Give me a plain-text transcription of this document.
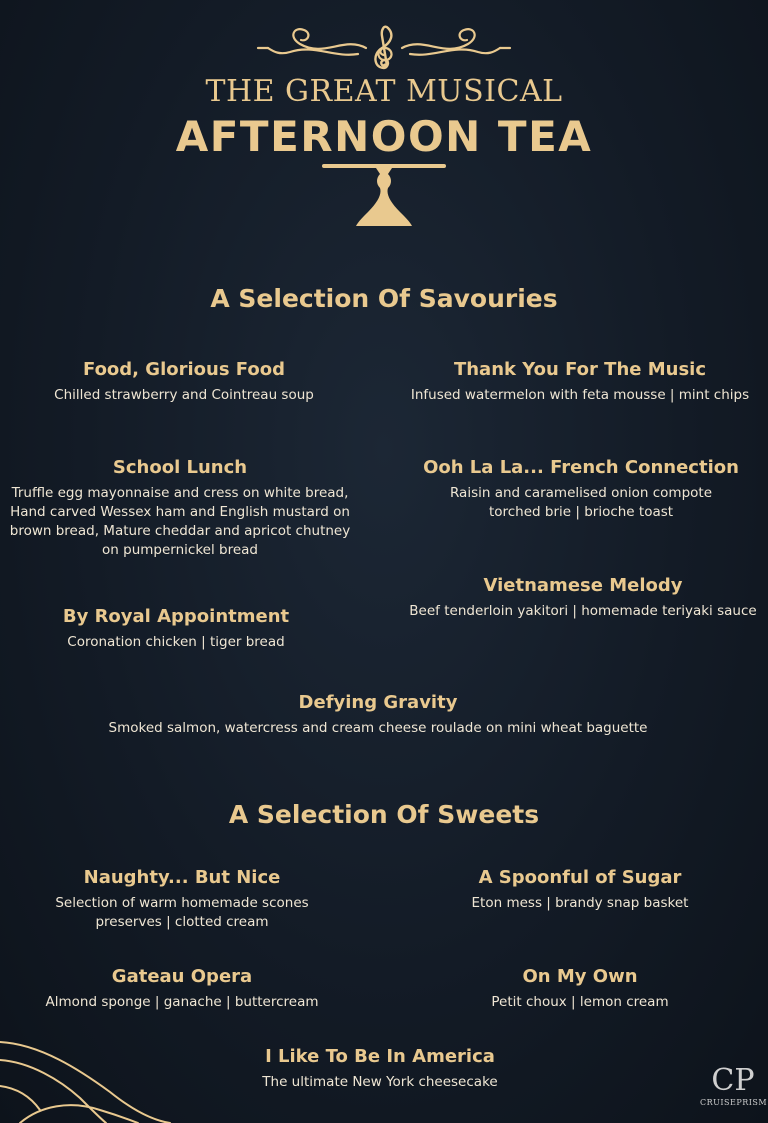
THE GREAT MUSICAL
AFTERNOON TEA
A Selection Of Savouries
Food, Glorious Food
Chilled strawberry and Cointreau soup
Thank You For The Music
Infused watermelon with feta mousse | mint chips
School Lunch
Truffle egg mayonnaise and cress on white bread,
Hand carved Wessex ham and English mustard on
brown bread, Mature cheddar and apricot chutney
on pumpernickel bread
Ooh La La... French Connection
Raisin and caramelised onion compote
torched brie | brioche toast
Vietnamese Melody
Beef tenderloin yakitori | homemade teriyaki sauce
By Royal Appointment
Coronation chicken | tiger bread
Defying Gravity
Smoked salmon, watercress and cream cheese roulade on mini wheat baguette
A Selection Of Sweets
Naughty... But Nice
Selection of warm homemade scones
preserves | clotted cream
A Spoonful of Sugar
Eton mess | brandy snap basket
Gateau Opera
Almond sponge | ganache | buttercream
On My Own
Petit choux | lemon cream
I Like To Be In America
The ultimate New York cheesecake	CP
CRUISEPRISM
